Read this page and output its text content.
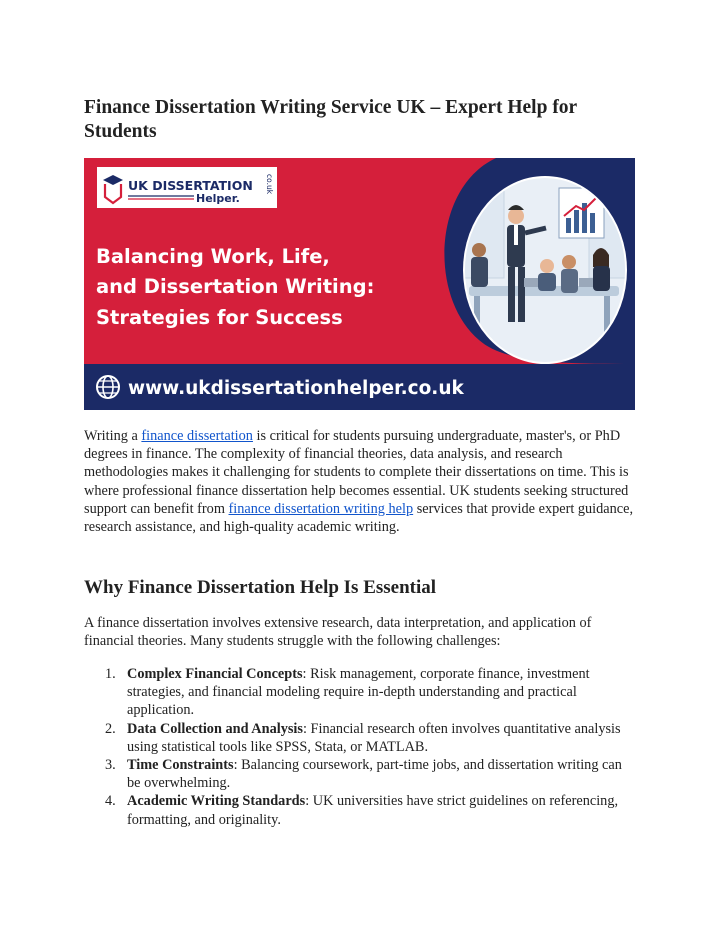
Finance Dissertation Writing Service UK – Expert Help for Students
UK DISSERTATION
Helper.
co.uk
Balancing Work, Life,
and Dissertation Writing:
Strategies for Success
www.ukdissertationhelper.co.uk

Writing a finance dissertation is critical for students pursuing undergraduate, master's, or PhD degrees in finance. The complexity of financial theories, data analysis, and research methodologies makes it challenging for students to complete their dissertations on time. This is where professional finance dissertation help becomes essential. UK students seeking structured support can benefit from finance dissertation writing help services that provide expert guidance, research assistance, and high-quality academic writing.

Why Finance Dissertation Help Is Essential

A finance dissertation involves extensive research, data interpretation, and application of financial theories. Many students struggle with the following challenges:

1. Complex Financial Concepts: Risk management, corporate finance, investment strategies, and financial modeling require in-depth understanding and practical application.
2. Data Collection and Analysis: Financial research often involves quantitative analysis using statistical tools like SPSS, Stata, or MATLAB.
3. Time Constraints: Balancing coursework, part-time jobs, and dissertation writing can be overwhelming.
4. Academic Writing Standards: UK universities have strict guidelines on referencing, formatting, and originality.
